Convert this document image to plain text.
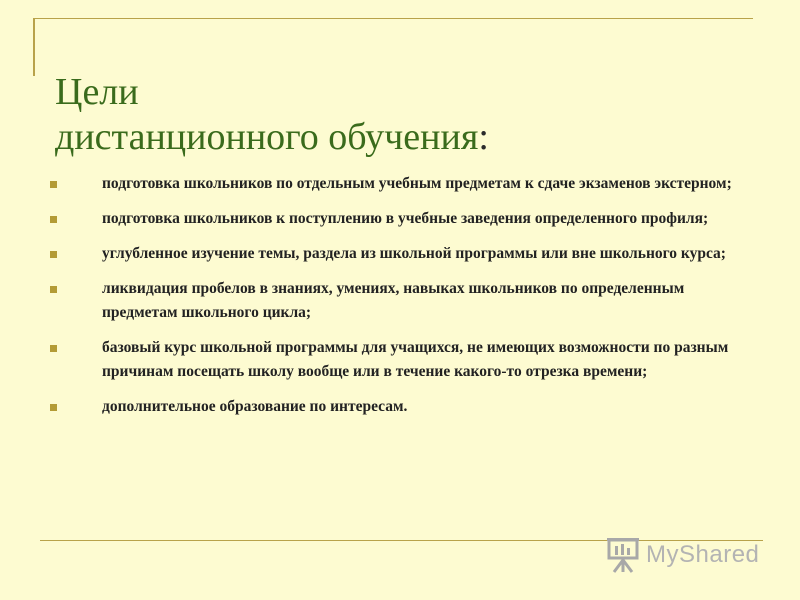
Цели
дистанционного обучения:
подготовка школьников по отдельным учебным предметам к сдаче экзаменов экстерном;
подготовка школьников к поступлению в учебные заведения определенного профиля;
углубленное изучение темы, раздела из школьной программы или вне школьного курса;
ликвидация пробелов в знаниях, умениях, навыках школьников по определенным предметам школьного цикла;
базовый курс школьной программы для учащихся, не имеющих возможности по разным причинам посещать школу вообще или в течение какого-то отрезка времени;
дополнительное образование по интересам.
MyShared
